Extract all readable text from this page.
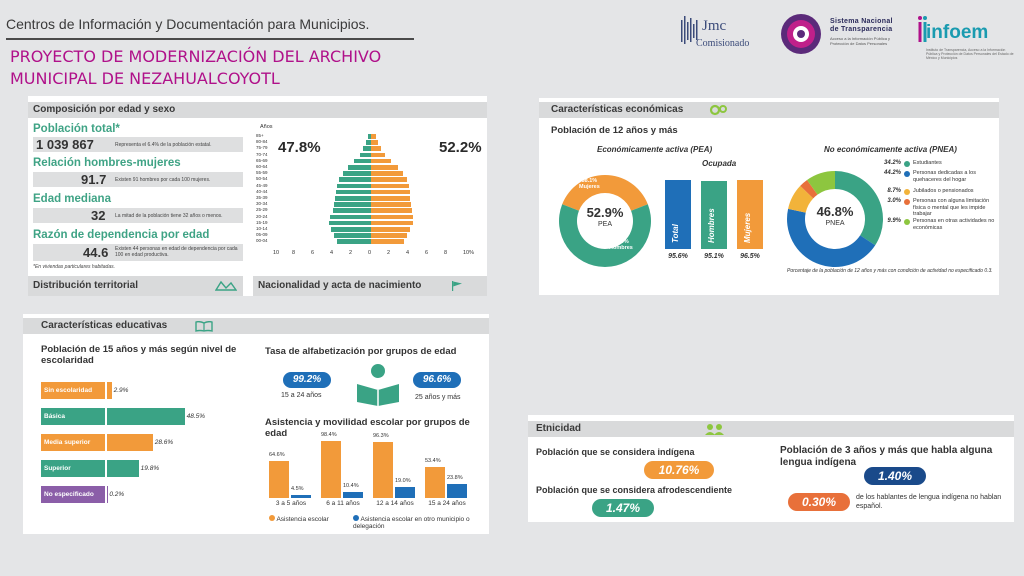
Centros de Información y Documentación para Municipios.
PROYECTO DE MODERNIZACIÓN DEL ARCHIVO
MUNICIPAL DE NEZAHUALCOYOTL
Jmc
Comisionado
Sistema Nacional
de Transparencia
Acceso a la Información Pública y Protección de Datos Personales
infoem
Instituto de Transparencia, Acceso a la Información Pública y Protección de Datos Personales del Estado de México y Municipios
Composición por edad y sexo
Población total*
1 039 867	Representa el 6.4% de la población estatal.
Relación hombres-mujeres
91.7 Existen 91 hombres por cada 100 mujeres.
Edad mediana
32 La mitad de la población tiene 32 años o menos.
Razón de dependencia por edad
44.6 Existen 44 personas en edad de dependencia por cada 100 en edad productiva.
*En viviendas particulares habitadas.
Distribución territorial	Nacionalidad y acta de nacimiento
Años
47.8%	52.2%
85+
80-84
75-79
70-74
65-69
60-64
55-59
50-54
45-49
40-44
35-39
30-34
25-29
20-24
15-19
10-14
05-09
00-04
10 8	6	4	2	0	2	4	6	8	10%
Características económicas
Población de 12 años y más
Económicamente activa (PEA)
Ocupada
No económicamente activa (PNEA)
52.9%
PEA
38.1%
Mujeres
61.9%
Hombres
Total
95.6%
Hombres
95.1%
Mujeres
96.5%
46.8%
PNEA
34.2% Estudiantes
44.2% Personas dedicadas a los quehaceres del hogar
8.7% Jubilados o pensionados
3.0% Personas con alguna limitación física o mental que les impide trabajar
9.9% Personas en otras actividades no económicas
Porcentaje de la población de 12 años y más con condición de actividad no especificado 0.3.
Características educativas
Población de 15 años y más según nivel de escolaridad
Sin escolaridad	2.9%
Básica	48.5%
Media superior	28.6%
Superior	19.8%
No especificado	0.2%
Tasa de alfabetización por grupos de edad
99.2%
15 a 24 años
96.6%
25 años y más
Asistencia y movilidad escolar por grupos de edad
64.6%
4.5%
98.4%
10.4%
96.3%
19.0%
53.4%
23.8%
3 a 5 años	6 a 11 años	12 a 14 años	15 a 24 años
Asistencia escolar	Asistencia escolar en otro municipio o delegación
Etnicidad
Población que se considera indígena
10.76%
Población que se considera afrodescendiente
1.47%
Población de 3 años y más que habla alguna lengua indígena
1.40%
0.30%	de los hablantes de lengua indígena no hablan español.
